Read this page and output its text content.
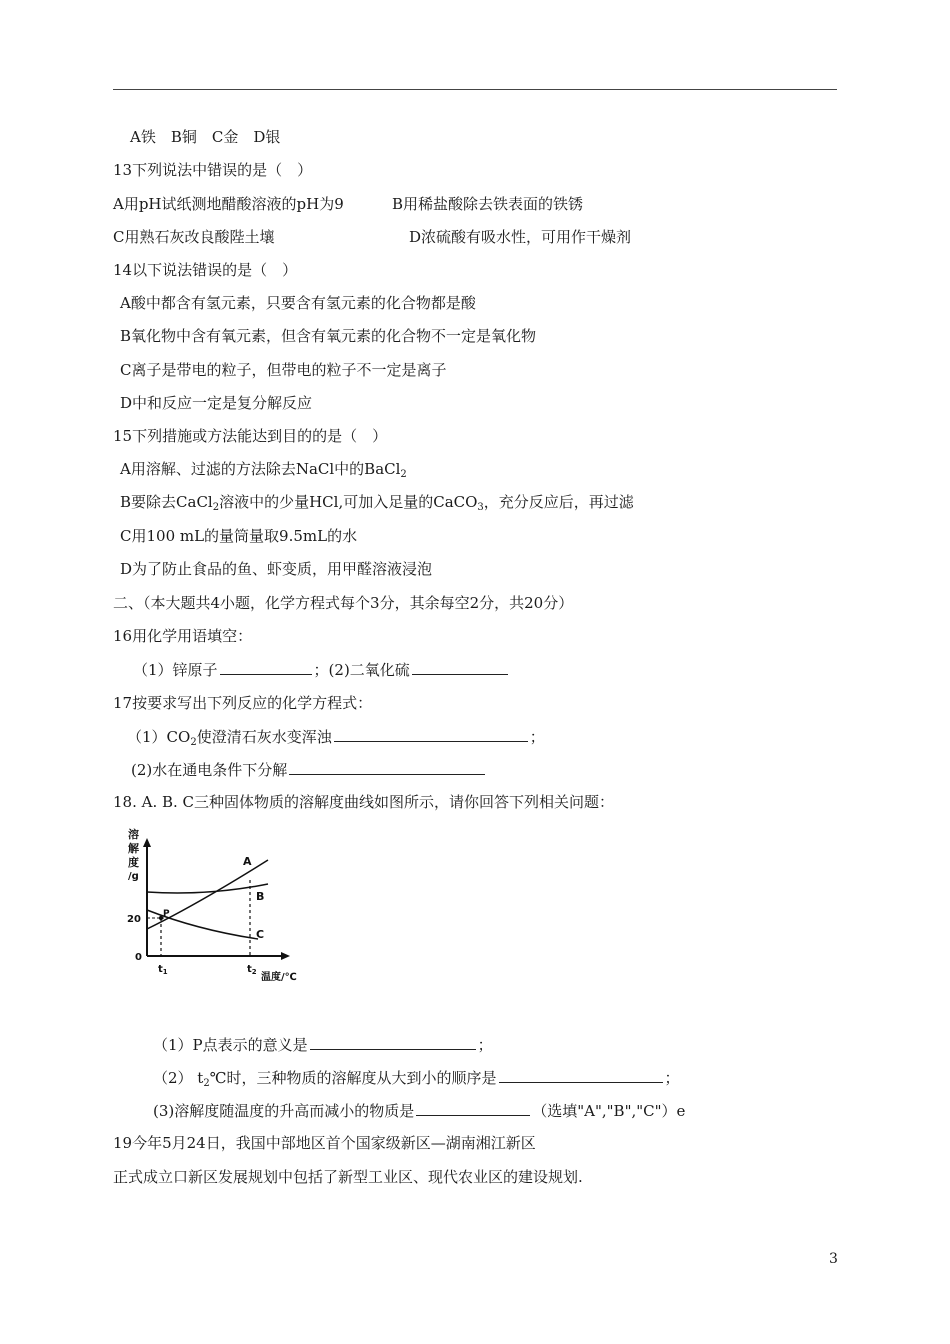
A铁　B铜　C金　D银
13下列说法中错误的是（　）
A用pH试纸测地醋酸溶液的pH为9	B用稀盐酸除去铁表面的铁锈
C用熟石灰改良酸陛土壤	D浓硫酸有吸水性，可用作干燥剂
14以下说法错误的是（　）
A酸中都含有氢元素，只要含有氢元素的化合物都是酸
B氧化物中含有氧元素，但含有氧元素的化合物不一定是氧化物
C离子是带电的粒子，但带电的粒子不一定是离子
D中和反应一定是复分解反应
15下列措施或方法能达到目的的是（　）
A用溶解、过滤的方法除去NaCl中的BaCl$_2$
B要除去CaCl$_2$溶液中的少量HCl,可加入足量的CaCO$_3$，充分反应后，再过滤
C用100 mL的量筒量取9.5mL的水
D为了防止食品的鱼、虾变质，用甲醛溶液浸泡
二、（本大题共4小题，化学方程式每个3分，其余每空2分，共20分）
16用化学用语填空：
（1）锌原子	；(2)二氧化硫
17按要求写出下列反应的化学方程式：
$(1)CO_2$使澄清石灰水变浑浊	；
(2)水在通电条件下分解
18. A. B. C三种固体物质的溶解度曲线如图所示，请你回答下列相关问题：
溶
解
度
/g
20
0
$t_1$	$t_2$ 温度/℃
A
B
C
P
（1）P点表示的意义是	；
（2） $t_2℃$时，三种物质的溶解度从大到小的顺序是	；
(3)溶解度随温度的升高而减小的物质是	（选填"A","B","C"）e
19今年5月24日，我国中部地区首个国家级新区—湖南湘江新区
正式成立口新区发展规划中包括了新型工业区、现代农业区的建设规划.
3
